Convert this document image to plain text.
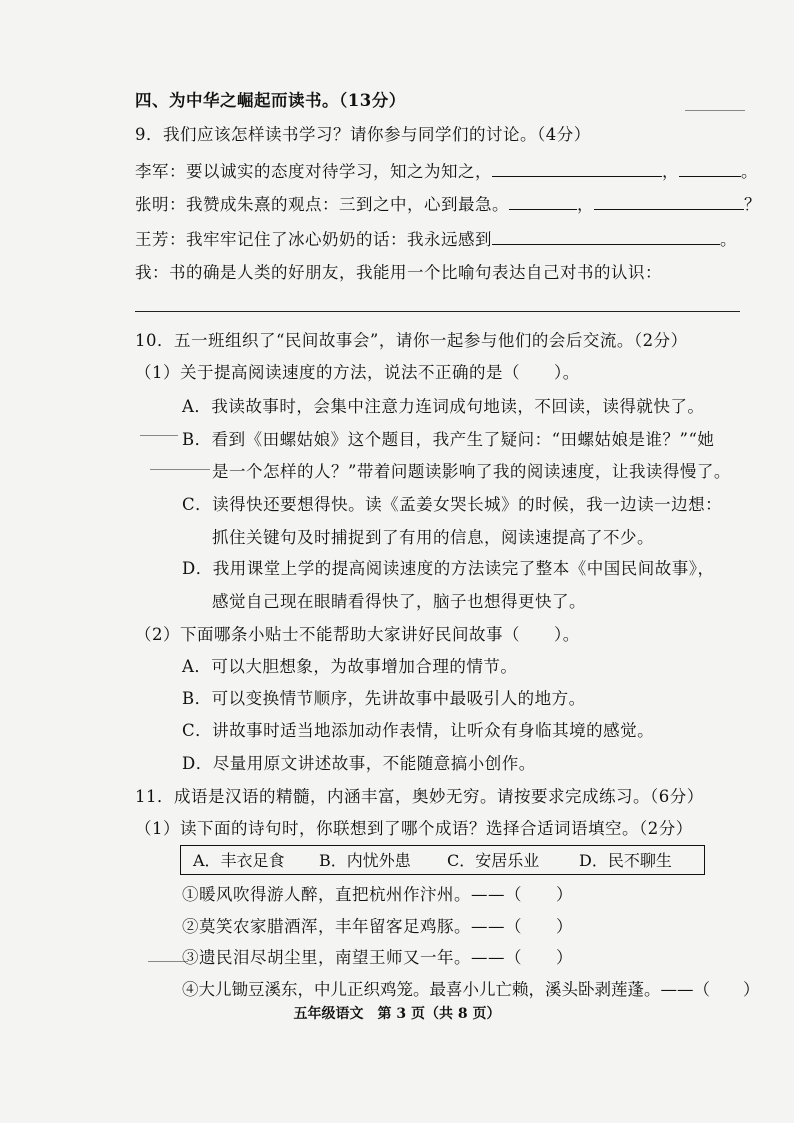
四、为中华之崛起而读书。（13分）
9．我们应该怎样读书学习？请你参与同学们的讨论。（4分）
李军：要以诚实的态度对待学习，知之为知之，	，	。
张明：我赞成朱熹的观点：三到之中，心到最急。	，	？
王芳：我牢牢记住了冰心奶奶的话：我永远感到	。
我：书的确是人类的好朋友，我能用一个比喻句表达自己对书的认识：
10．五一班组织了“民间故事会”，请你一起参与他们的会后交流。（2分）
（1）关于提高阅读速度的方法，说法不正确的是（　　）。
A．我读故事时，会集中注意力连词成句地读，不回读，读得就快了。
B．看到《田螺姑娘》这个题目，我产生了疑问：“田螺姑娘是谁？”“她
是一个怎样的人？”带着问题读影响了我的阅读速度，让我读得慢了。
C．读得快还要想得快。读《孟姜女哭长城》的时候，我一边读一边想：
抓住关键句及时捕捉到了有用的信息，阅读速提高了不少。
D．我用课堂上学的提高阅读速度的方法读完了整本《中国民间故事》，
感觉自己现在眼睛看得快了，脑子也想得更快了。
（2）下面哪条小贴士不能帮助大家讲好民间故事（　　）。
A．可以大胆想象，为故事增加合理的情节。
B．可以变换情节顺序，先讲故事中最吸引人的地方。
C．讲故事时适当地添加动作表情，让听众有身临其境的感觉。
D．尽量用原文讲述故事，不能随意搞小创作。
11．成语是汉语的精髓，内涵丰富，奥妙无穷。请按要求完成练习。（6分）
（1）读下面的诗句时，你联想到了哪个成语？选择合适词语填空。（2分）
A．丰衣足食 B．内忧外患 C．安居乐业 D．民不聊生
①暖风吹得游人醉，直把杭州作汴州。——（　　）
②莫笑农家腊酒浑，丰年留客足鸡豚。——（　　）
③遗民泪尽胡尘里，南望王师又一年。——（　　）
④大儿锄豆溪东，中儿正织鸡笼。最喜小儿亡赖，溪头卧剥莲蓬。——（　　）
五年级语文　第 3 页（共 8 页）
